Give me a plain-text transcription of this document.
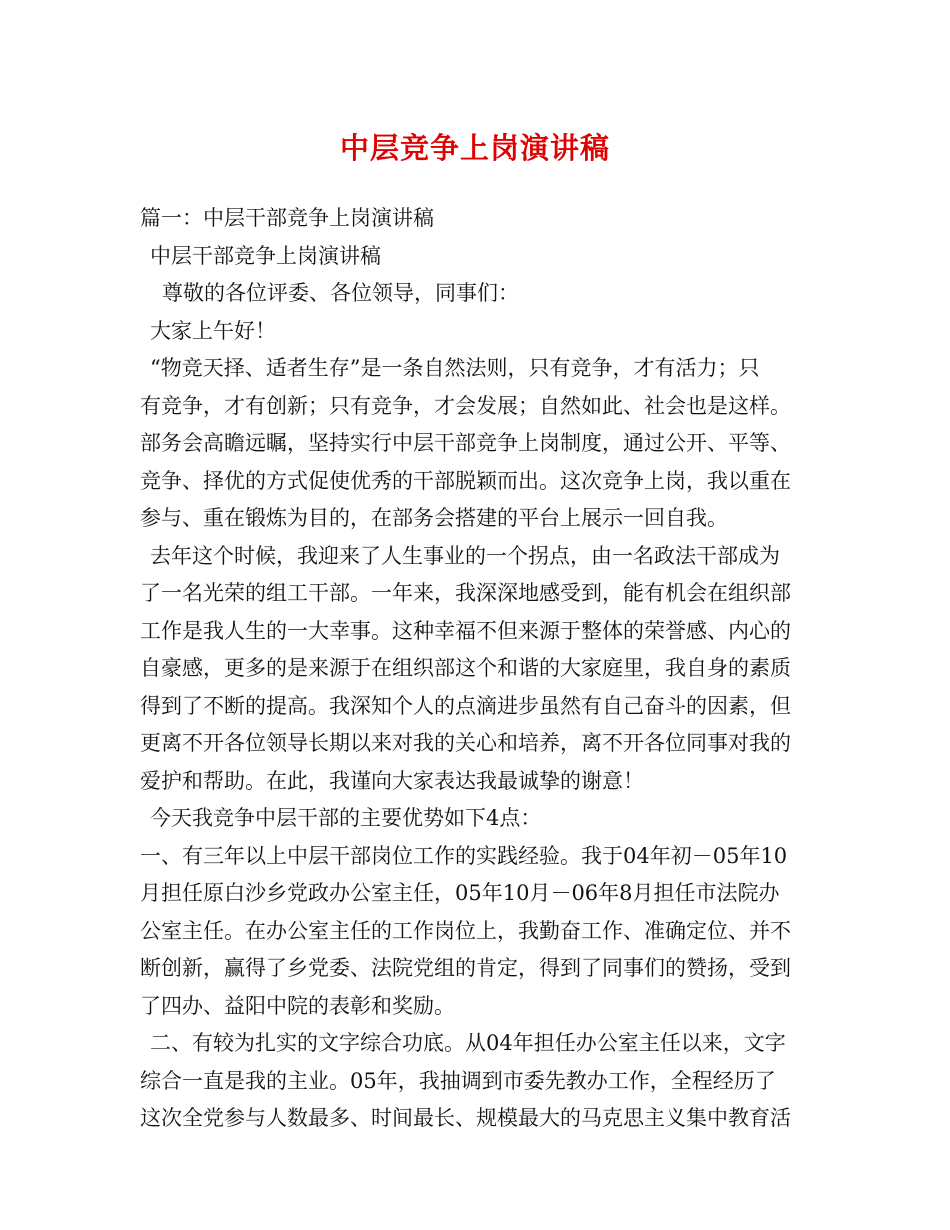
中层竞争上岗演讲稿
篇一：中层干部竞争上岗演讲稿
中层干部竞争上岗演讲稿
尊敬的各位评委、各位领导，同事们：
大家上午好！
“物竞天择、适者生存”是一条自然法则，只有竞争，才有活力；只
有竞争，才有创新；只有竞争，才会发展；自然如此、社会也是这样。
部务会高瞻远瞩，坚持实行中层干部竞争上岗制度，通过公开、平等、
竞争、择优的方式促使优秀的干部脱颖而出。这次竞争上岗，我以重在
参与、重在锻炼为目的，在部务会搭建的平台上展示一回自我。
去年这个时候，我迎来了人生事业的一个拐点，由一名政法干部成为
了一名光荣的组工干部。一年来，我深深地感受到，能有机会在组织部
工作是我人生的一大幸事。这种幸福不但来源于整体的荣誉感、内心的
自豪感，更多的是来源于在组织部这个和谐的大家庭里，我自身的素质
得到了不断的提高。我深知个人的点滴进步虽然有自己奋斗的因素，但
更离不开各位领导长期以来对我的关心和培养，离不开各位同事对我的
爱护和帮助。在此，我谨向大家表达我最诚挚的谢意！
今天我竞争中层干部的主要优势如下4点：
一、有三年以上中层干部岗位工作的实践经验。我于04年初－05年10
月担任原白沙乡党政办公室主任，05年10月－06年8月担任市法院办
公室主任。在办公室主任的工作岗位上，我勤奋工作、准确定位、并不
断创新，赢得了乡党委、法院党组的肯定，得到了同事们的赞扬，受到
了四办、益阳中院的表彰和奖励。
二、有较为扎实的文字综合功底。从04年担任办公室主任以来，文字
综合一直是我的主业。05年，我抽调到市委先教办工作，全程经历了
这次全党参与人数最多、时间最长、规模最大的马克思主义集中教育活
